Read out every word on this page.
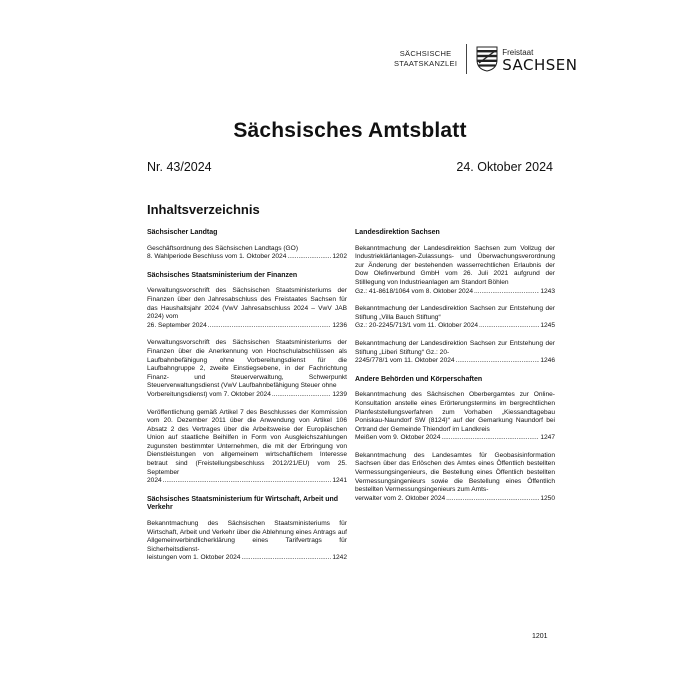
SÄCHSISCHE
STAATSKANZLEI
Freistaat
SACHSEN
Sächsisches Amtsblatt
Nr. 43/2024	24. Oktober 2024
Inhaltsverzeichnis
Sächsischer Landtag
Geschäftsordnung des Sächsischen Landtags (GO)
8. Wahlperiode Beschluss vom 1. Oktober 2024 .....	1202
Sächsisches Staatsministerium der Finanzen
Verwaltungsvorschrift des Sächsischen Staatsministeriums der Finanzen über den Jahresabschluss des Freistaates Sachsen für das Haushaltsjahr 2024 (VwV Jahresabschluss 2024 – VwV JAB 2024) vom
26. September 2024 .....	1236
Verwaltungsvorschrift des Sächsischen Staatsministeriums der Finanzen über die Anerkennung von Hochschulabschlüssen als Laufbahnbefähigung ohne Vorbereitungsdienst für die Laufbahngruppe 2, zweite Einstiegsebene, in der Fachrichtung Finanz- und Steuerverwaltung, Schwerpunkt Steuerverwaltungsdienst (VwV Laufbahnbefähigung Steuer ohne
Vorbereitungsdienst) vom 7. Oktober 2024 .....	1239
Veröffentlichung gemäß Artikel 7 des Beschlusses der Kommission vom 20. Dezember 2011 über die Anwendung von Artikel 106 Absatz 2 des Vertrages über die Arbeitsweise der Europäischen Union auf staatliche Beihilfen in Form von Ausgleichszahlungen zugunsten bestimmter Unternehmen, die mit der Erbringung von Dienstleistungen von allgemeinem wirtschaftlichem Interesse betraut sind (Freistellungsbeschluss 2012/21/EU) vom 25. September
2024 .....	1241
Sächsisches Staatsministerium für Wirtschaft, Arbeit und Verkehr
Bekanntmachung des Sächsischen Staatsministeriums für Wirtschaft, Arbeit und Verkehr über die Ablehnung eines Antrags auf Allgemeinverbindlicherklärung eines Tarifvertrags für Sicherheitsdienst-
leistungen vom 1. Oktober 2024 .....	1242
Landesdirektion Sachsen
Bekanntmachung der Landesdirektion Sachsen zum Vollzug der Industrieklärlanlagen-Zulassungs- und Überwachungsverordnung zur Änderung der bestehenden wasserrechtlichen Erlaubnis der Dow Olefinverbund GmbH vom 26. Juli 2021 aufgrund der Stilllegung von Industrieanlagen am Standort Böhlen
Gz.: 41-8618/1064 vom 8. Oktober 2024 .....	1243
Bekanntmachung der Landesdirektion Sachsen zur Entstehung der Stiftung „Villa Bauch Stiftung“
Gz.: 20-2245/713/1 vom 11. Oktober 2024 .....	1245
Bekanntmachung der Landesdirektion Sachsen zur Entstehung der Stiftung „Liberi Stiftung“ Gz.: 20-
2245/778/1 vom 11. Oktober 2024 .....	1246
Andere Behörden und Körperschaften
Bekanntmachung des Sächsischen Oberbergamtes zur Online-Konsultation anstelle eines Erörterungstermins im bergrechtlichen Planfeststellungsverfahren zum Vorhaben „Kiessandtagebau Poniskau-Naundorf SW (8124)“ auf der Gemarkung Naundorf bei Ortrand der Gemeinde Thiendorf im Landkreis
Meißen vom 9. Oktober 2024 .....	1247
Bekanntmachung des Landesamtes für Geobasisinformation Sachsen über das Erlöschen des Amtes eines Öffentlich bestellten Vermessungsingenieurs, die Bestellung eines Öffentlich bestellten Vermessungsingenieurs sowie die Bestellung eines Öffentlich bestellten Vermessungsingenieurs zum Amts-
verwalter vom 2. Oktober 2024 .....	1250
1201
